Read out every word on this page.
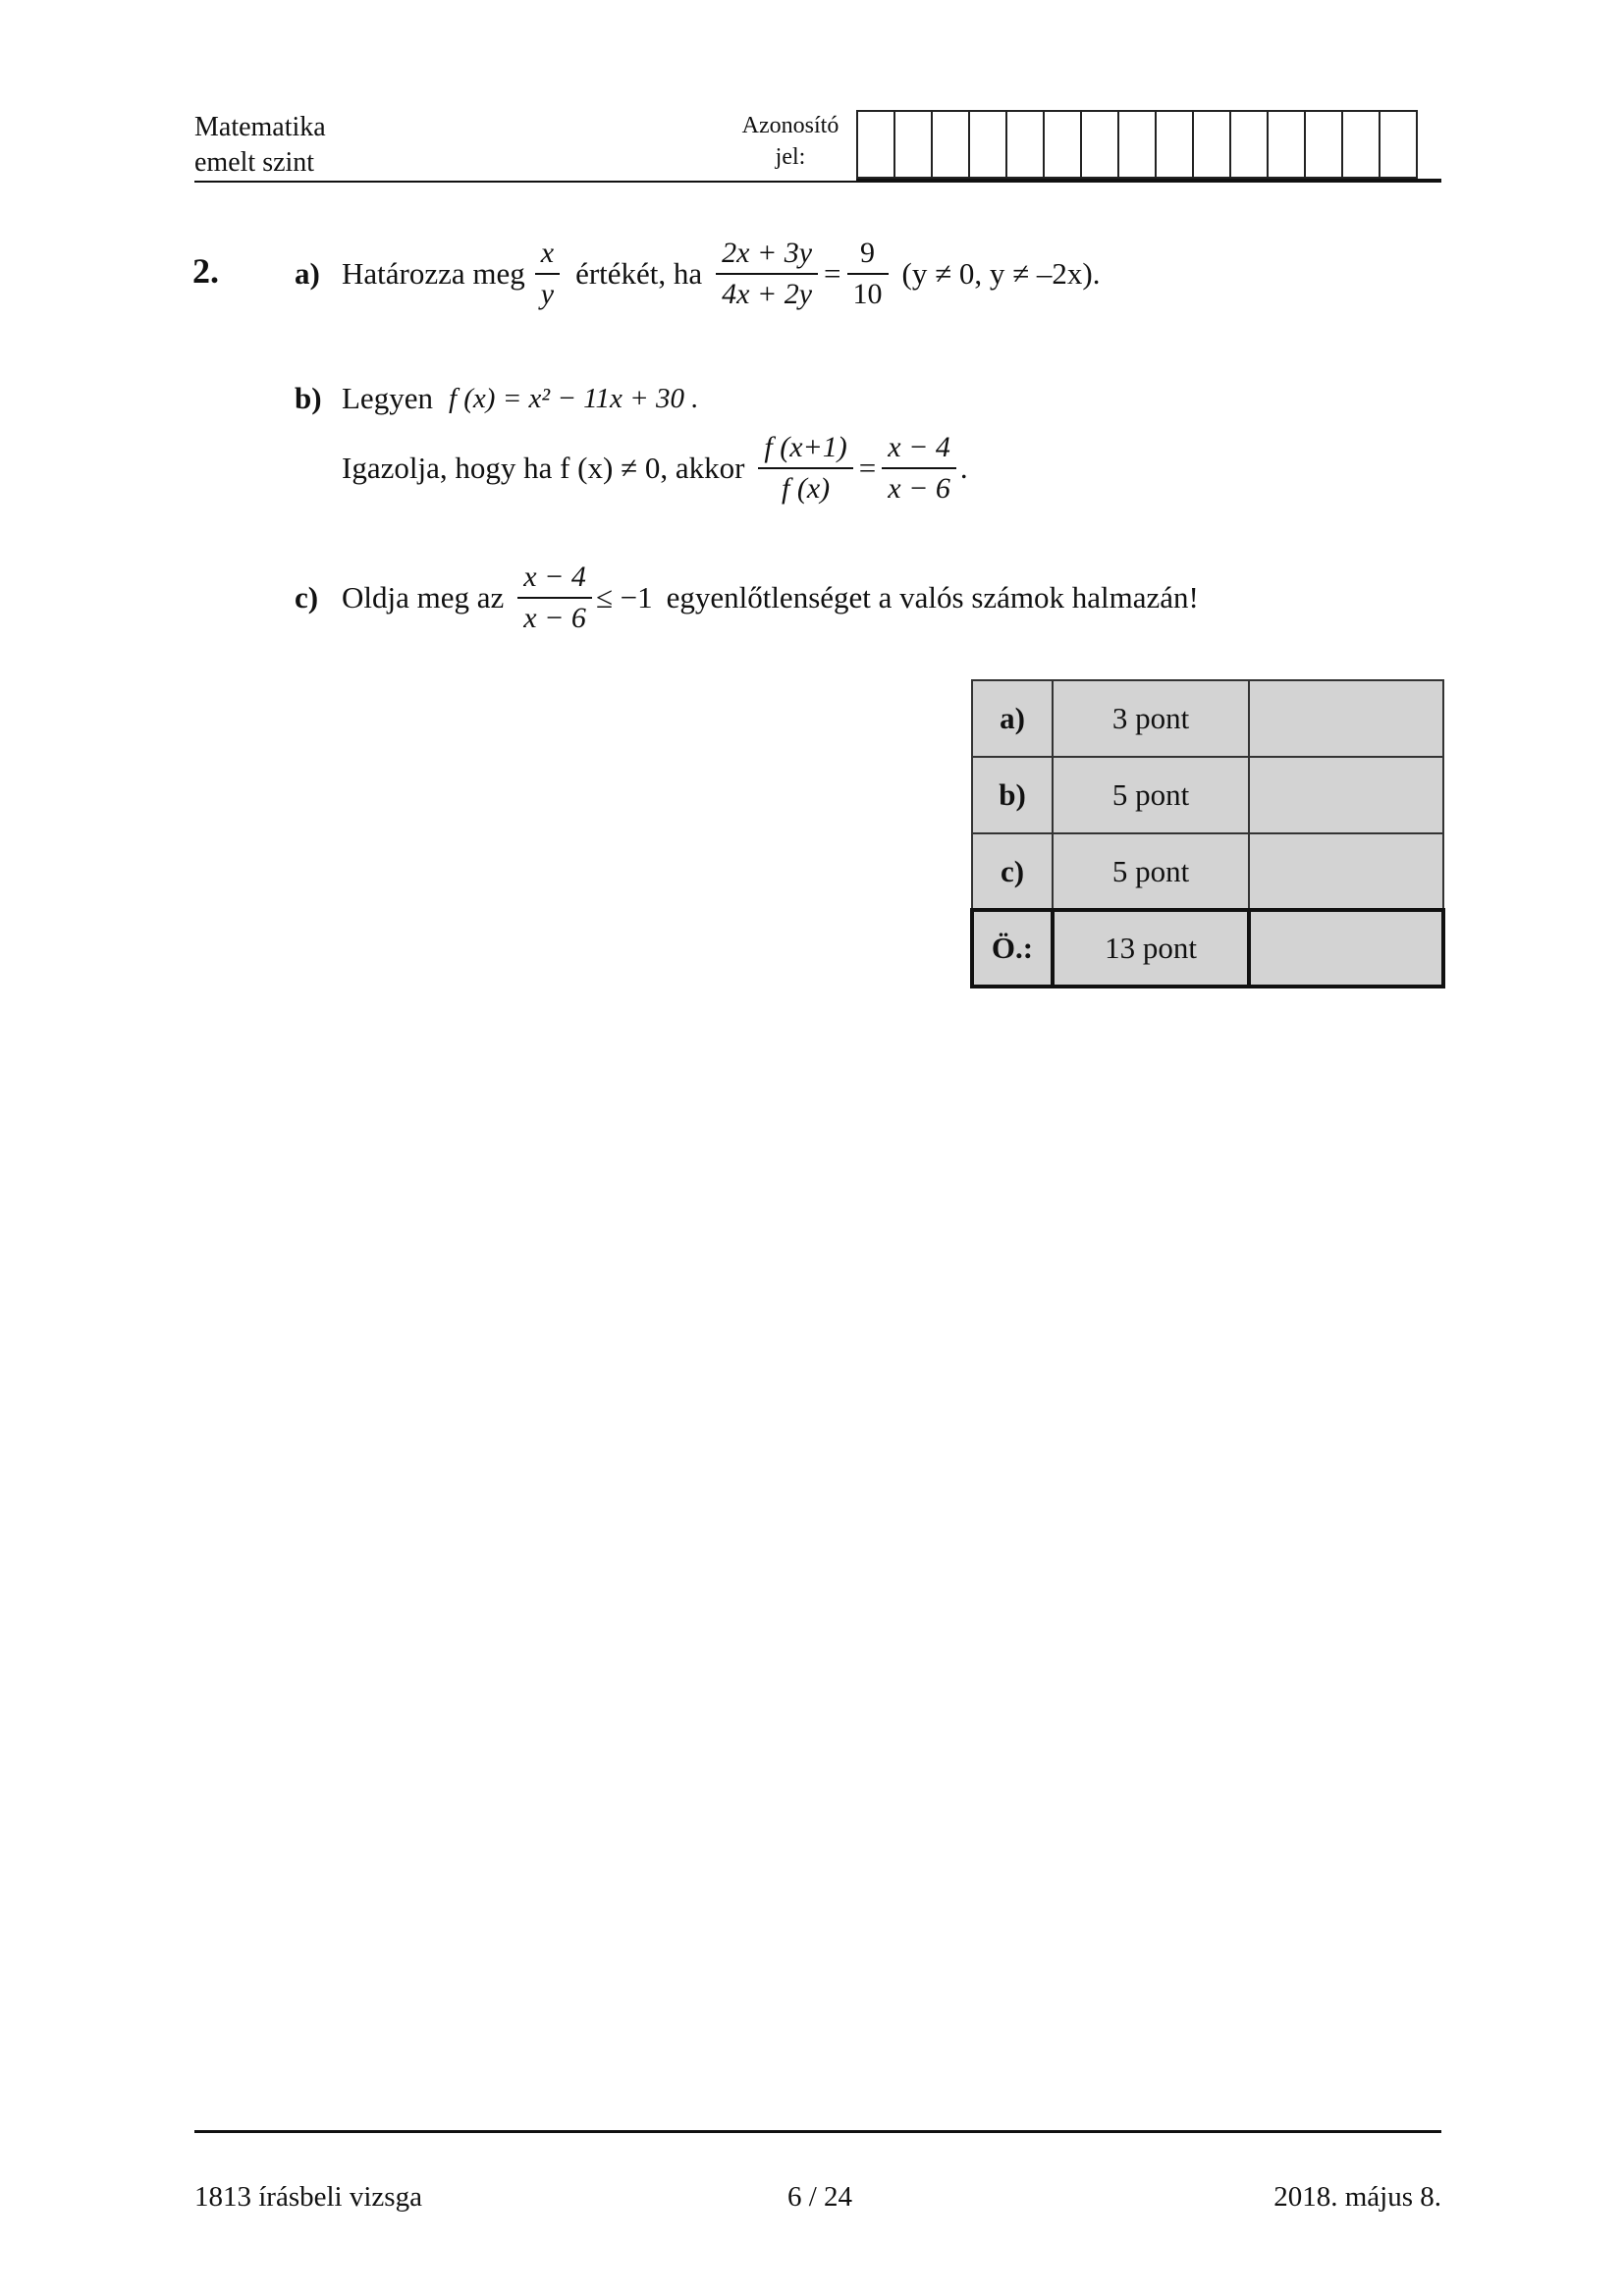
Matematika
emelt szint
Azonosító
jel:
2. a) Határozza meg $\frac{x}{y}$ értékét, ha $\frac{2x + 3y}{4x + 2y} = \frac{9}{10} (y \ne 0$, y ≠ –2x).
b) Legyen f (x) = x² − 11x + 30 .
Igazolja, hogy ha f (x) ≠ 0, akkor $\frac{f (x+1)}{f (x)} = \frac{x - 4}{x - 6}$ .
c) Oldja meg az $\frac{x - 4}{x - 6} \le -1$ egyenlőtlenséget a valós számok halmazán!
a)	3 pont	
b)	5 pont	
c)	5 pont	
Ö.:	13 pont	
1813 írásbeli vizsga	6 / 24	2018. május 8.
